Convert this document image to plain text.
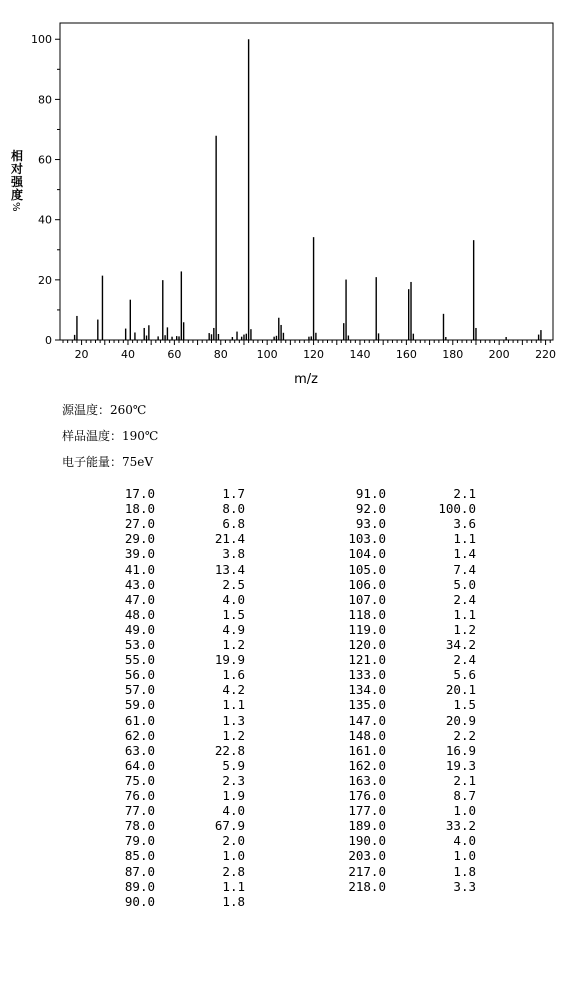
20	40	60	80	100 120 140 160 180 200 220
0
20
40
60
80
100
m/z
相
对
强
度
%
源温度：260℃
样品温度：190℃
电子能量：75eV
17.0	1.7
18.0	8.0
27.0	6.8
29.0	21.4
39.0	3.8
41.0	13.4
43.0	2.5
47.0	4.0
48.0	1.5
49.0	4.9
53.0	1.2
55.0	19.9
56.0	1.6
57.0	4.2
59.0	1.1
61.0	1.3
62.0	1.2
63.0	22.8
64.0	5.9
75.0	2.3
76.0	1.9
77.0	4.0
78.0	67.9
79.0	2.0
85.0	1.0
87.0	2.8
89.0	1.1
90.0	1.8
91.0	2.1
92.0	100.0
93.0	3.6
103.0	1.1
104.0	1.4
105.0	7.4
106.0	5.0
107.0	2.4
118.0	1.1
119.0	1.2
120.0	34.2
121.0	2.4
133.0	5.6
134.0	20.1
135.0	1.5
147.0	20.9
148.0	2.2
161.0	16.9
162.0	19.3
163.0	2.1
176.0	8.7
177.0	1.0
189.0	33.2
190.0	4.0
203.0	1.0
217.0	1.8
218.0	3.3
